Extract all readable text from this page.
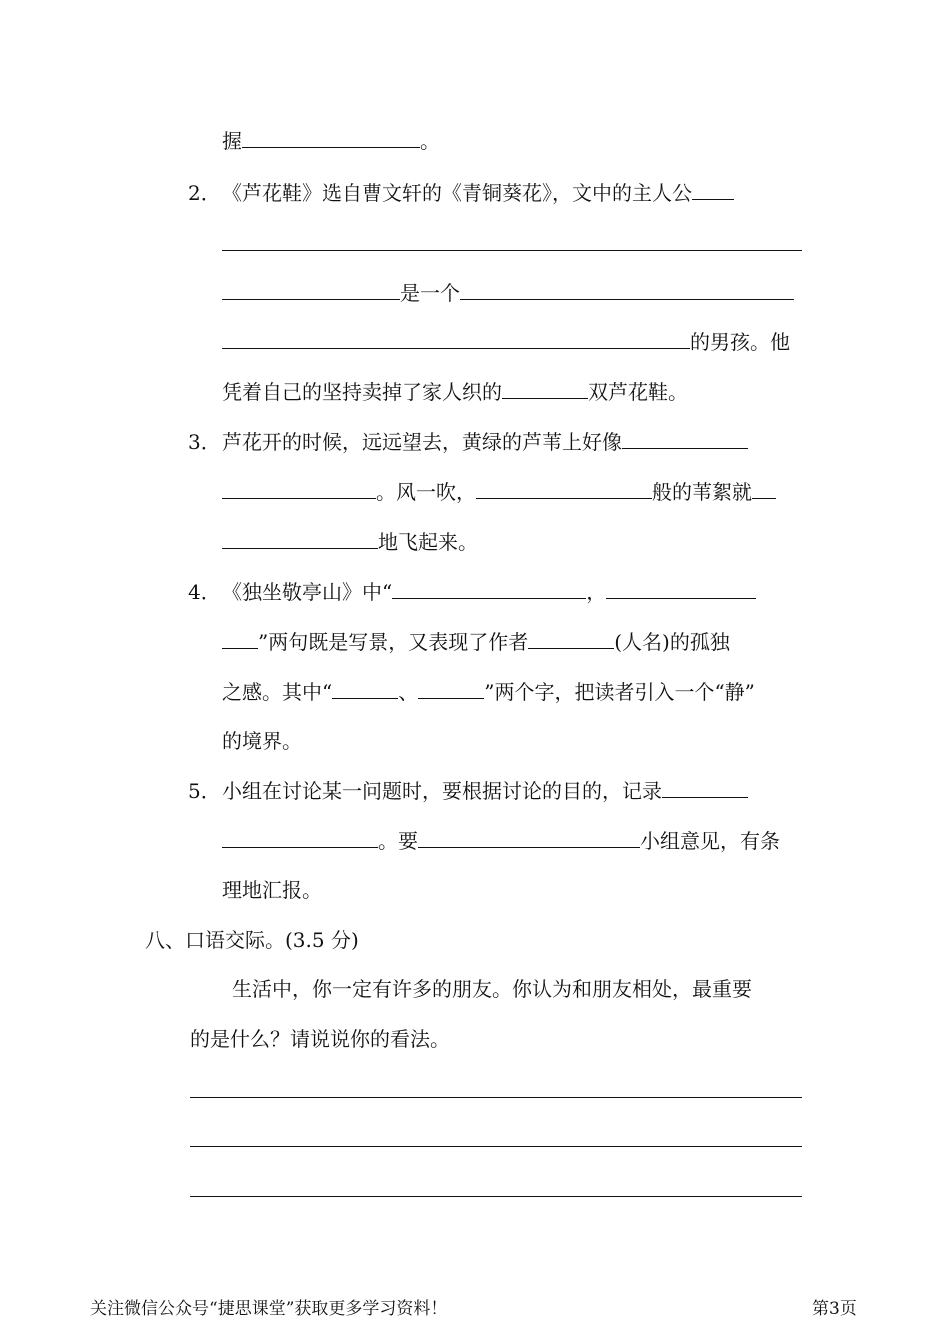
握	。
2． 《芦花鞋》选自曹文轩的《青铜葵花》，文中的主人公
是一个
的男孩。他
凭着自己的坚持卖掉了家人织的	双芦花鞋。
3． 芦花开的时候，远远望去，黄绿的芦苇上好像
。风一吹，	般的苇絮就
地飞起来。
4． 《独坐敬亭山》中“	，
”两句既是写景，又表现了作者	(人名)的孤独
之感。其中“	、	”两个字，把读者引入一个“静”
的境界。
5． 小组在讨论某一问题时，要根据讨论的目的，记录
。要	小组意见，有条
理地汇报。
八、口语交际。(3.5 分)
生活中，你一定有许多的朋友。你认为和朋友相处，最重要
的是什么？请说说你的看法。
关注微信公众号“捷思课堂”获取更多学习资料！	第3页
